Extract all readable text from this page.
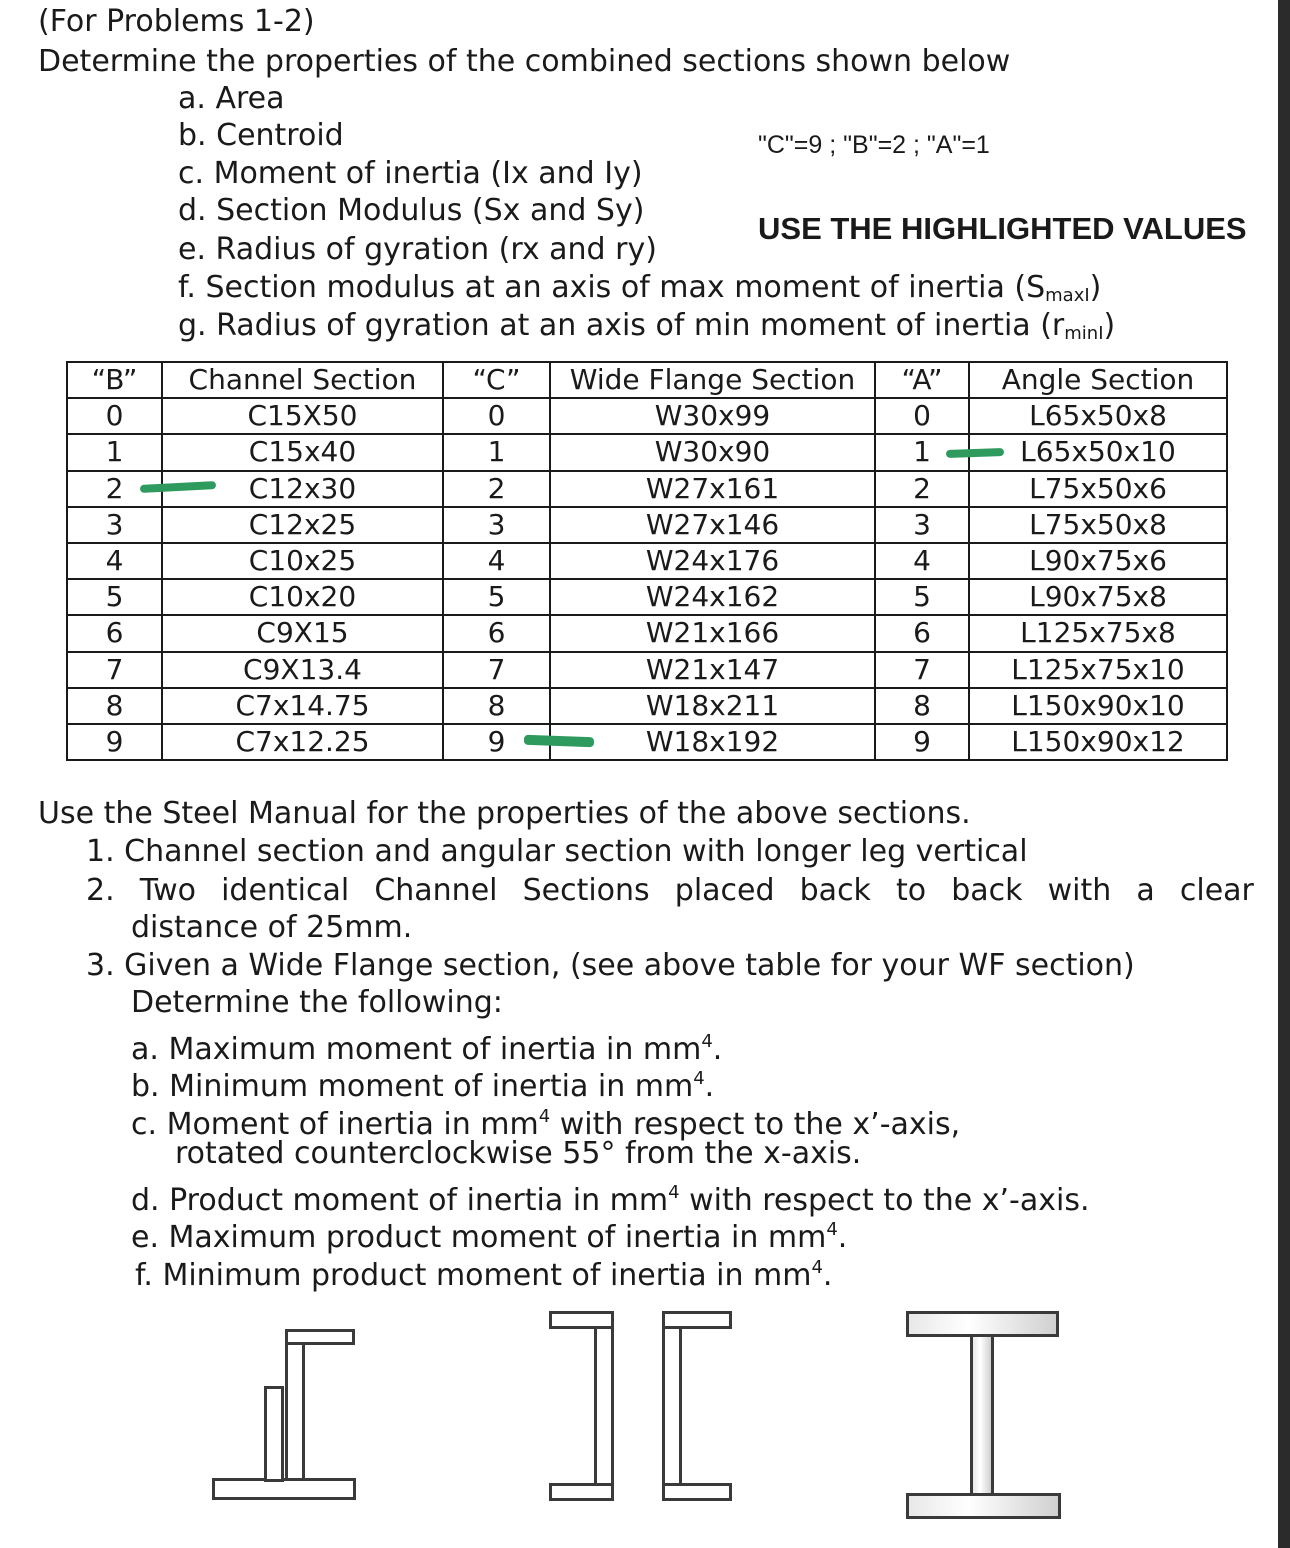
(For Problems 1-2)
Determine the properties of the combined sections shown below
a. Area
b. Centroid
c. Moment of inertia (Ix and Iy)
d. Section Modulus (Sx and Sy)
e. Radius of gyration (rx and ry)
f. Section modulus at an axis of max moment of inertia $(S_{maxI})$
g. Radius of gyration at an axis of min moment of inertia $(r_{minI})$
"C"=9 ; "B"=2 ; "A"=1
USE THE HIGHLIGHTED VALUES
“B”	Channel Section	“C”	Wide Flange Section	“A”	Angle Section
0	C15X50	0	W30x99	0	L65x50x8
1	C15x40	1	W30x90	1	L65x50x10
2	C12x30	2	W27x161	2	L75x50x6
3	C12x25	3	W27x146	3	L75x50x8
4	C10x25	4	W24x176	4	L90x75x6
5	C10x20	5	W24x162	5	L90x75x8
6	C9X15	6	W21x166	6	L125x75x8
7	C9X13.4	7	W21x147	7	L125x75x10
8	C7x14.75	8	W18x211	8	L150x90x10
9	C7x12.25	9	W18x192	9	L150x90x12
Use the Steel Manual for the properties of the above sections.
1. Channel section and angular section with longer leg vertical
2. Two identical Channel Sections placed back to back with a clear
distance of 25mm.
3. Given a Wide Flange section, (see above table for your WF section)
Determine the following:
a. Maximum moment of inertia in $mm^4$.
b. Minimum moment of inertia in $mm^4$.
c. Moment of inertia in $mm^4$ with respect to the x’-axis,
rotated counterclockwise 55° from the x-axis.
d. Product moment of inertia in $mm^4$ with respect to the x’-axis.
e. Maximum product moment of inertia in $mm^4$.
f. Minimum product moment of inertia in $mm^4$.
